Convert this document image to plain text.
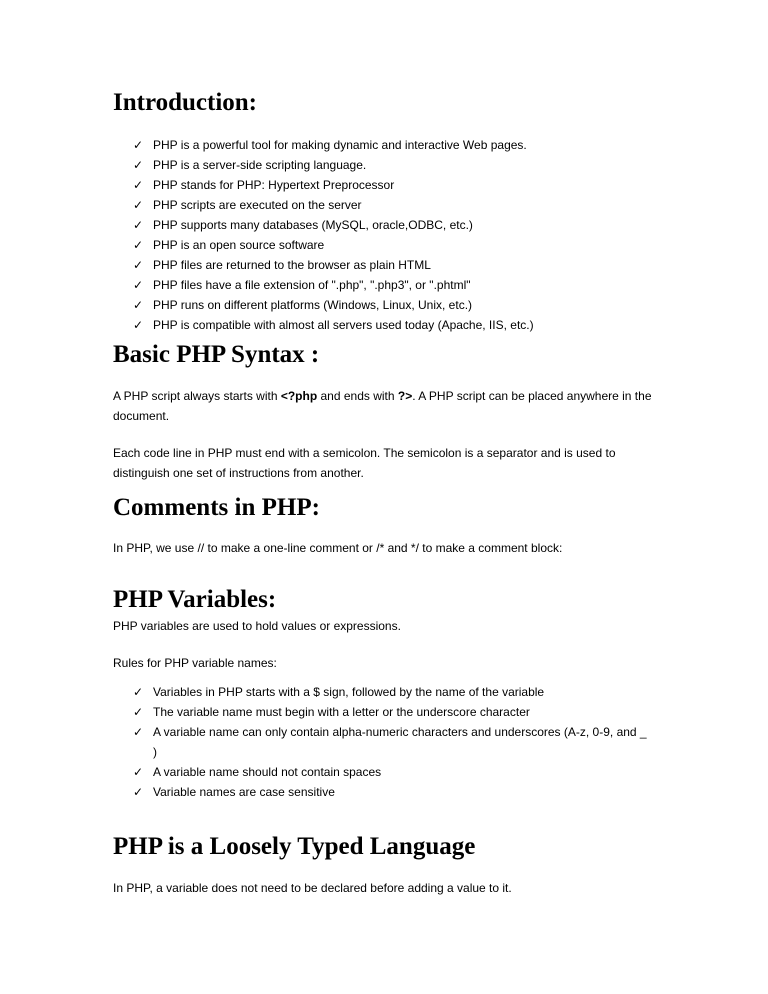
Introduction:
✓ PHP is a powerful tool for making dynamic and interactive Web pages.
✓ PHP is a server-side scripting language.
✓ PHP stands for PHP: Hypertext Preprocessor
✓ PHP scripts are executed on the server
✓ PHP supports many databases (MySQL, oracle,ODBC, etc.)
✓ PHP is an open source software
✓ PHP files are returned to the browser as plain HTML
✓ PHP files have a file extension of ".php", ".php3", or ".phtml"
✓ PHP runs on different platforms (Windows, Linux, Unix, etc.)
✓ PHP is compatible with almost all servers used today (Apache, IIS, etc.)
Basic PHP Syntax :

A PHP script always starts with <?php and ends with ?>. A PHP script can be placed anywhere in the document.

Each code line in PHP must end with a semicolon. The semicolon is a separator and is used to distinguish one set of instructions from another.

Comments in PHP:

In PHP, we use // to make a one-line comment or /* and */ to make a comment block:

PHP Variables:

PHP variables are used to hold values or expressions.

Rules for PHP variable names:

✓ Variables in PHP starts with a $ sign, followed by the name of the variable
✓ The variable name must begin with a letter or the underscore character
✓ A variable name can only contain alpha-numeric characters and underscores (A-z, 0-9, and _ )
✓ A variable name should not contain spaces
✓ Variable names are case sensitive
PHP is a Loosely Typed Language

In PHP, a variable does not need to be declared before adding a value to it.
